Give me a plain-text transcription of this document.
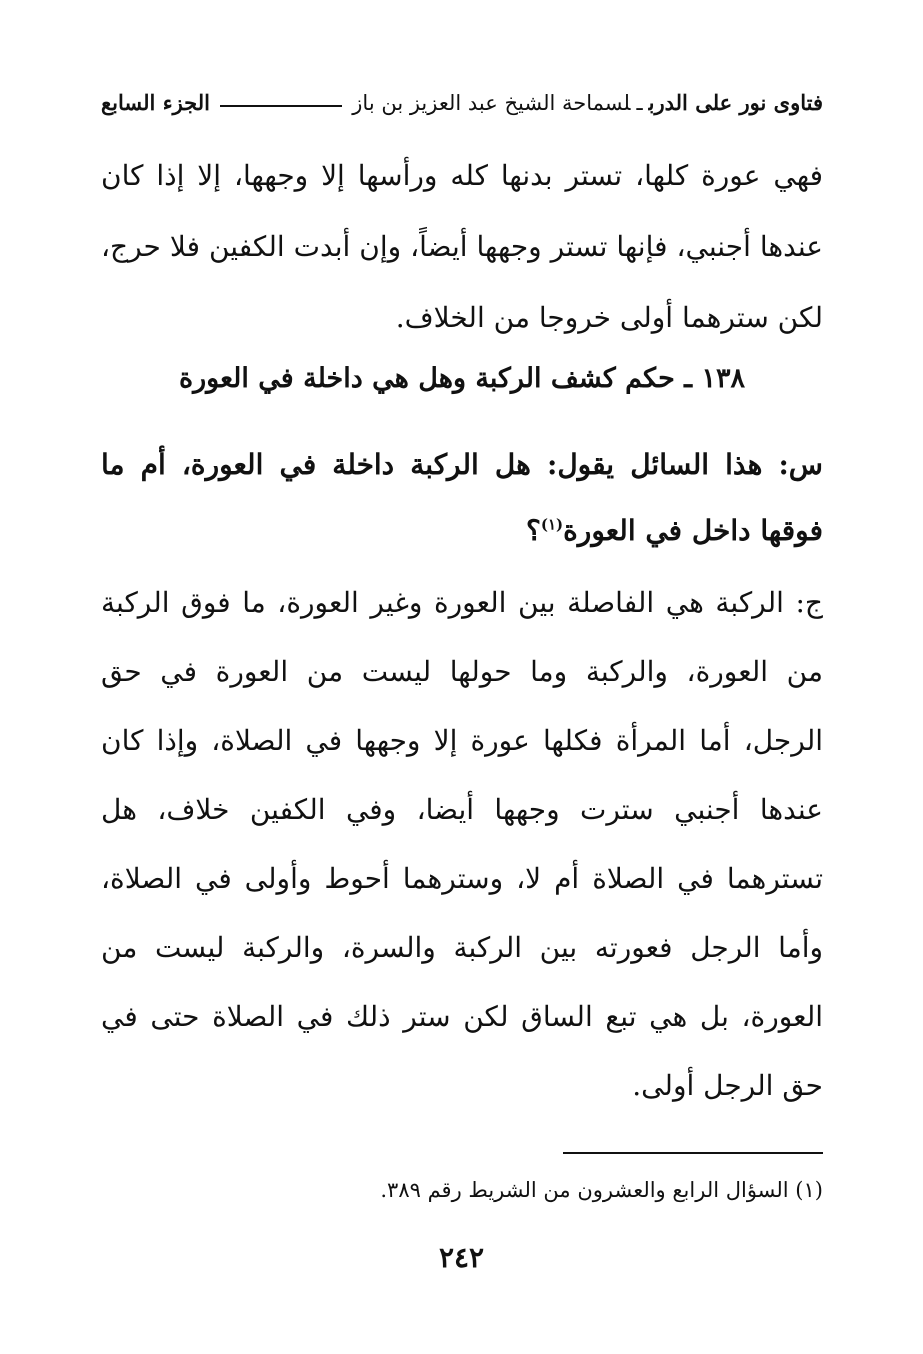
فتاوى نور على الدربـلسماحة الشيخ عبد العزيز بن باز
الجزء السابع
فهي عورة كلها، تستر بدنها كله ورأسها إلا وجهها، إلا إذا كان عندها أجنبي، فإنها تستر وجهها أيضاً، وإن أبدت الكفين فلا حرج، لكن سترهما أولى خروجا من الخلاف.
١٣٨ ـ حكم كشف الركبة وهل هي داخلة في العورة
س: هذا السائل يقول: هل الركبة داخلة في العورة، أم ما فوقها داخل في العورة$^{(١)}$؟
ج: الركبة هي الفاصلة بين العورة وغير العورة، ما فوق الركبة من العورة، والركبة وما حولها ليست من العورة في حق الرجل، أما المرأة فكلها عورة إلا وجهها في الصلاة، وإذا كان عندها أجنبي سترت وجهها أيضا، وفي الكفين خلاف، هل تسترهما في الصلاة أم لا، وسترهما أحوط وأولى في الصلاة، وأما الرجل فعورته بين الركبة والسرة، والركبة ليست من العورة، بل هي تبع الساق لكن ستر ذلك في الصلاة حتى في حق الرجل أولى.
(١) السؤال الرابع والعشرون من الشريط رقم ٣٨٩.
٢٤٢
